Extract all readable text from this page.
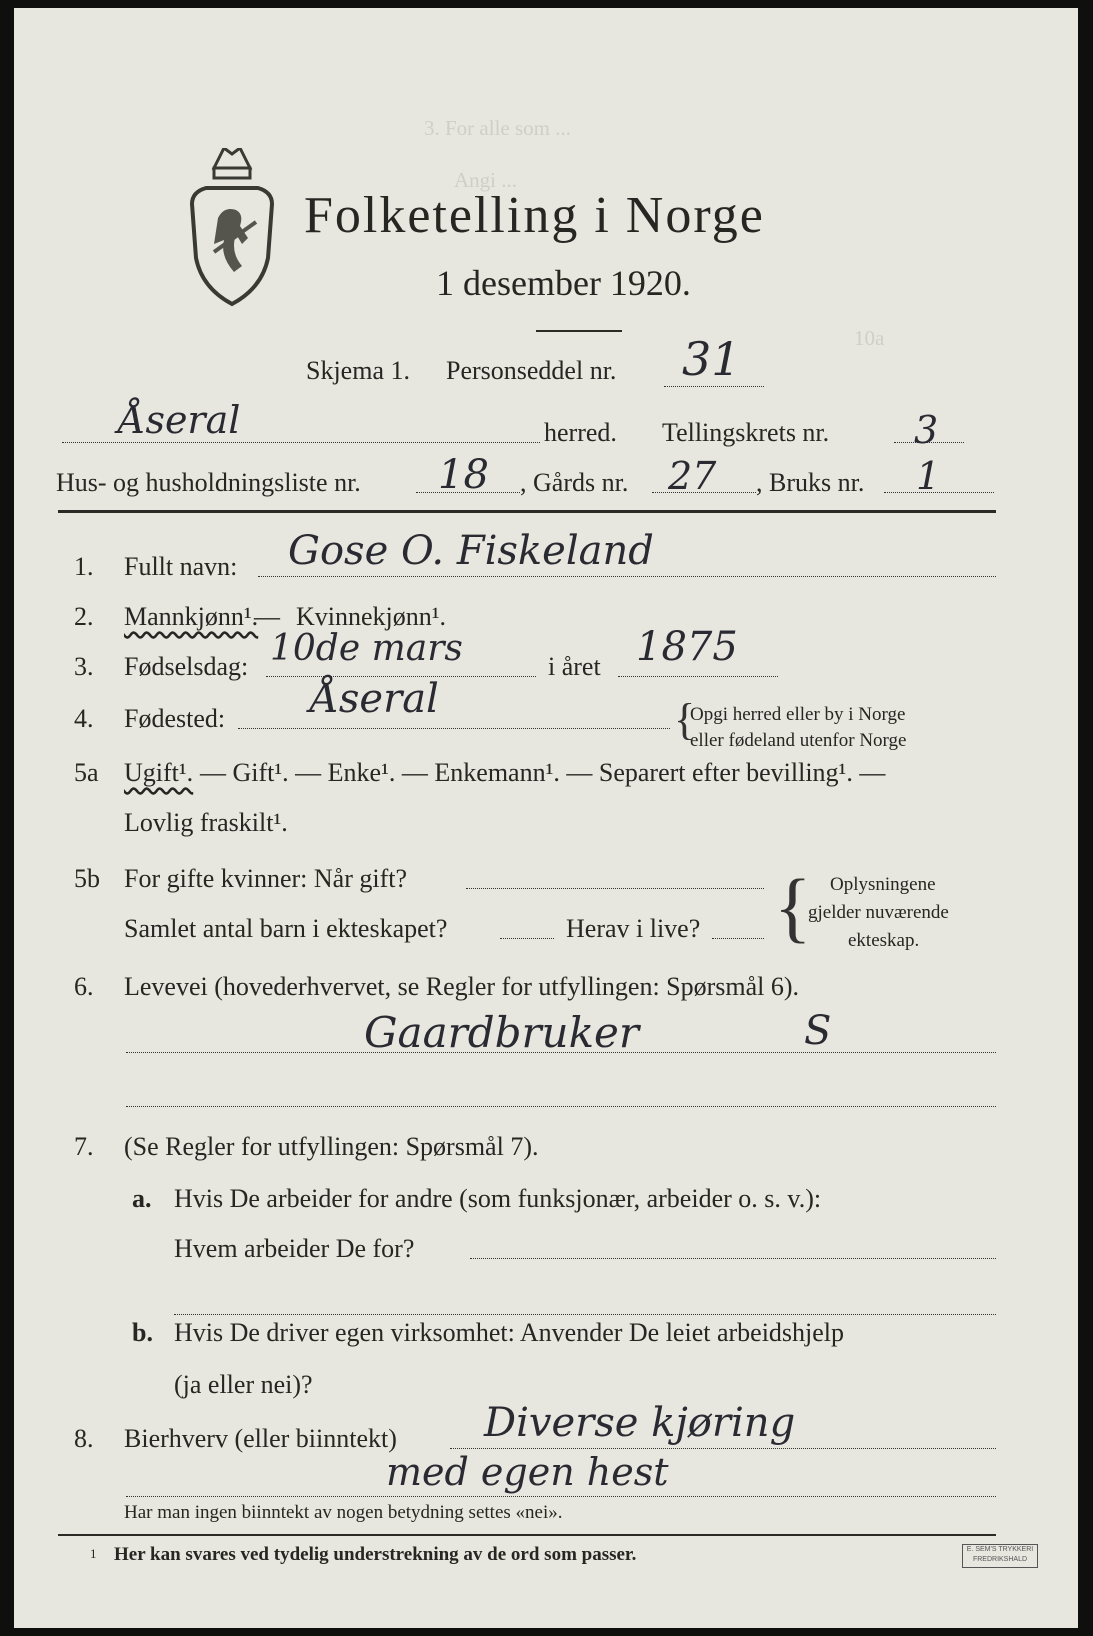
3. For alle som ...
Angi ...
10a
Folketelling i Norge
1 desember 1920.
Skjema 1. Personseddel nr. 31
Åseral	herred. Tellingskrets nr. 3
Hus- og husholdningsliste nr. 18 , Gårds nr. 27 , Bruks nr. 1
1. Fullt navn: Gose O. Fiskeland
2. Mannkjønn¹.
— Kvinnekjønn¹.
3. Fødselsdag: 10de mars	i året 1875
4. Fødested: Åseral	{
Opgi herred eller by i Norge
eller fødeland utenfor Norge
5a Ugift¹. — Gift¹. — Enke¹. — Enkemann¹. — Separert efter bevilling¹. —
Lovlig fraskilt¹.
5b For gifte kvinner: Når gift?
Samlet antal barn i ekteskapet?	Herav i live? { Oplysningene
gjelder nuværende
ekteskap.
6. Levevei (hovederhvervet, se Regler for utfyllingen: Spørsmål 6).
Gaardbruker	S
7. (Se Regler for utfyllingen: Spørsmål 7).
a. Hvis De arbeider for andre (som funksjonær, arbeider o. s. v.):
Hvem arbeider De for?
b. Hvis De driver egen virksomhet: Anvender De leiet arbeidshjelp
(ja eller nei)?
8. Bierhverv (eller biinntekt) Diverse kjøring
med egen hest
Har man ingen biinntekt av nogen betydning settes «nei».
1 Her kan svares ved tydelig understrekning av de ord som passer.	E. SEM'S TRYKKERI FREDRIKSHALD
